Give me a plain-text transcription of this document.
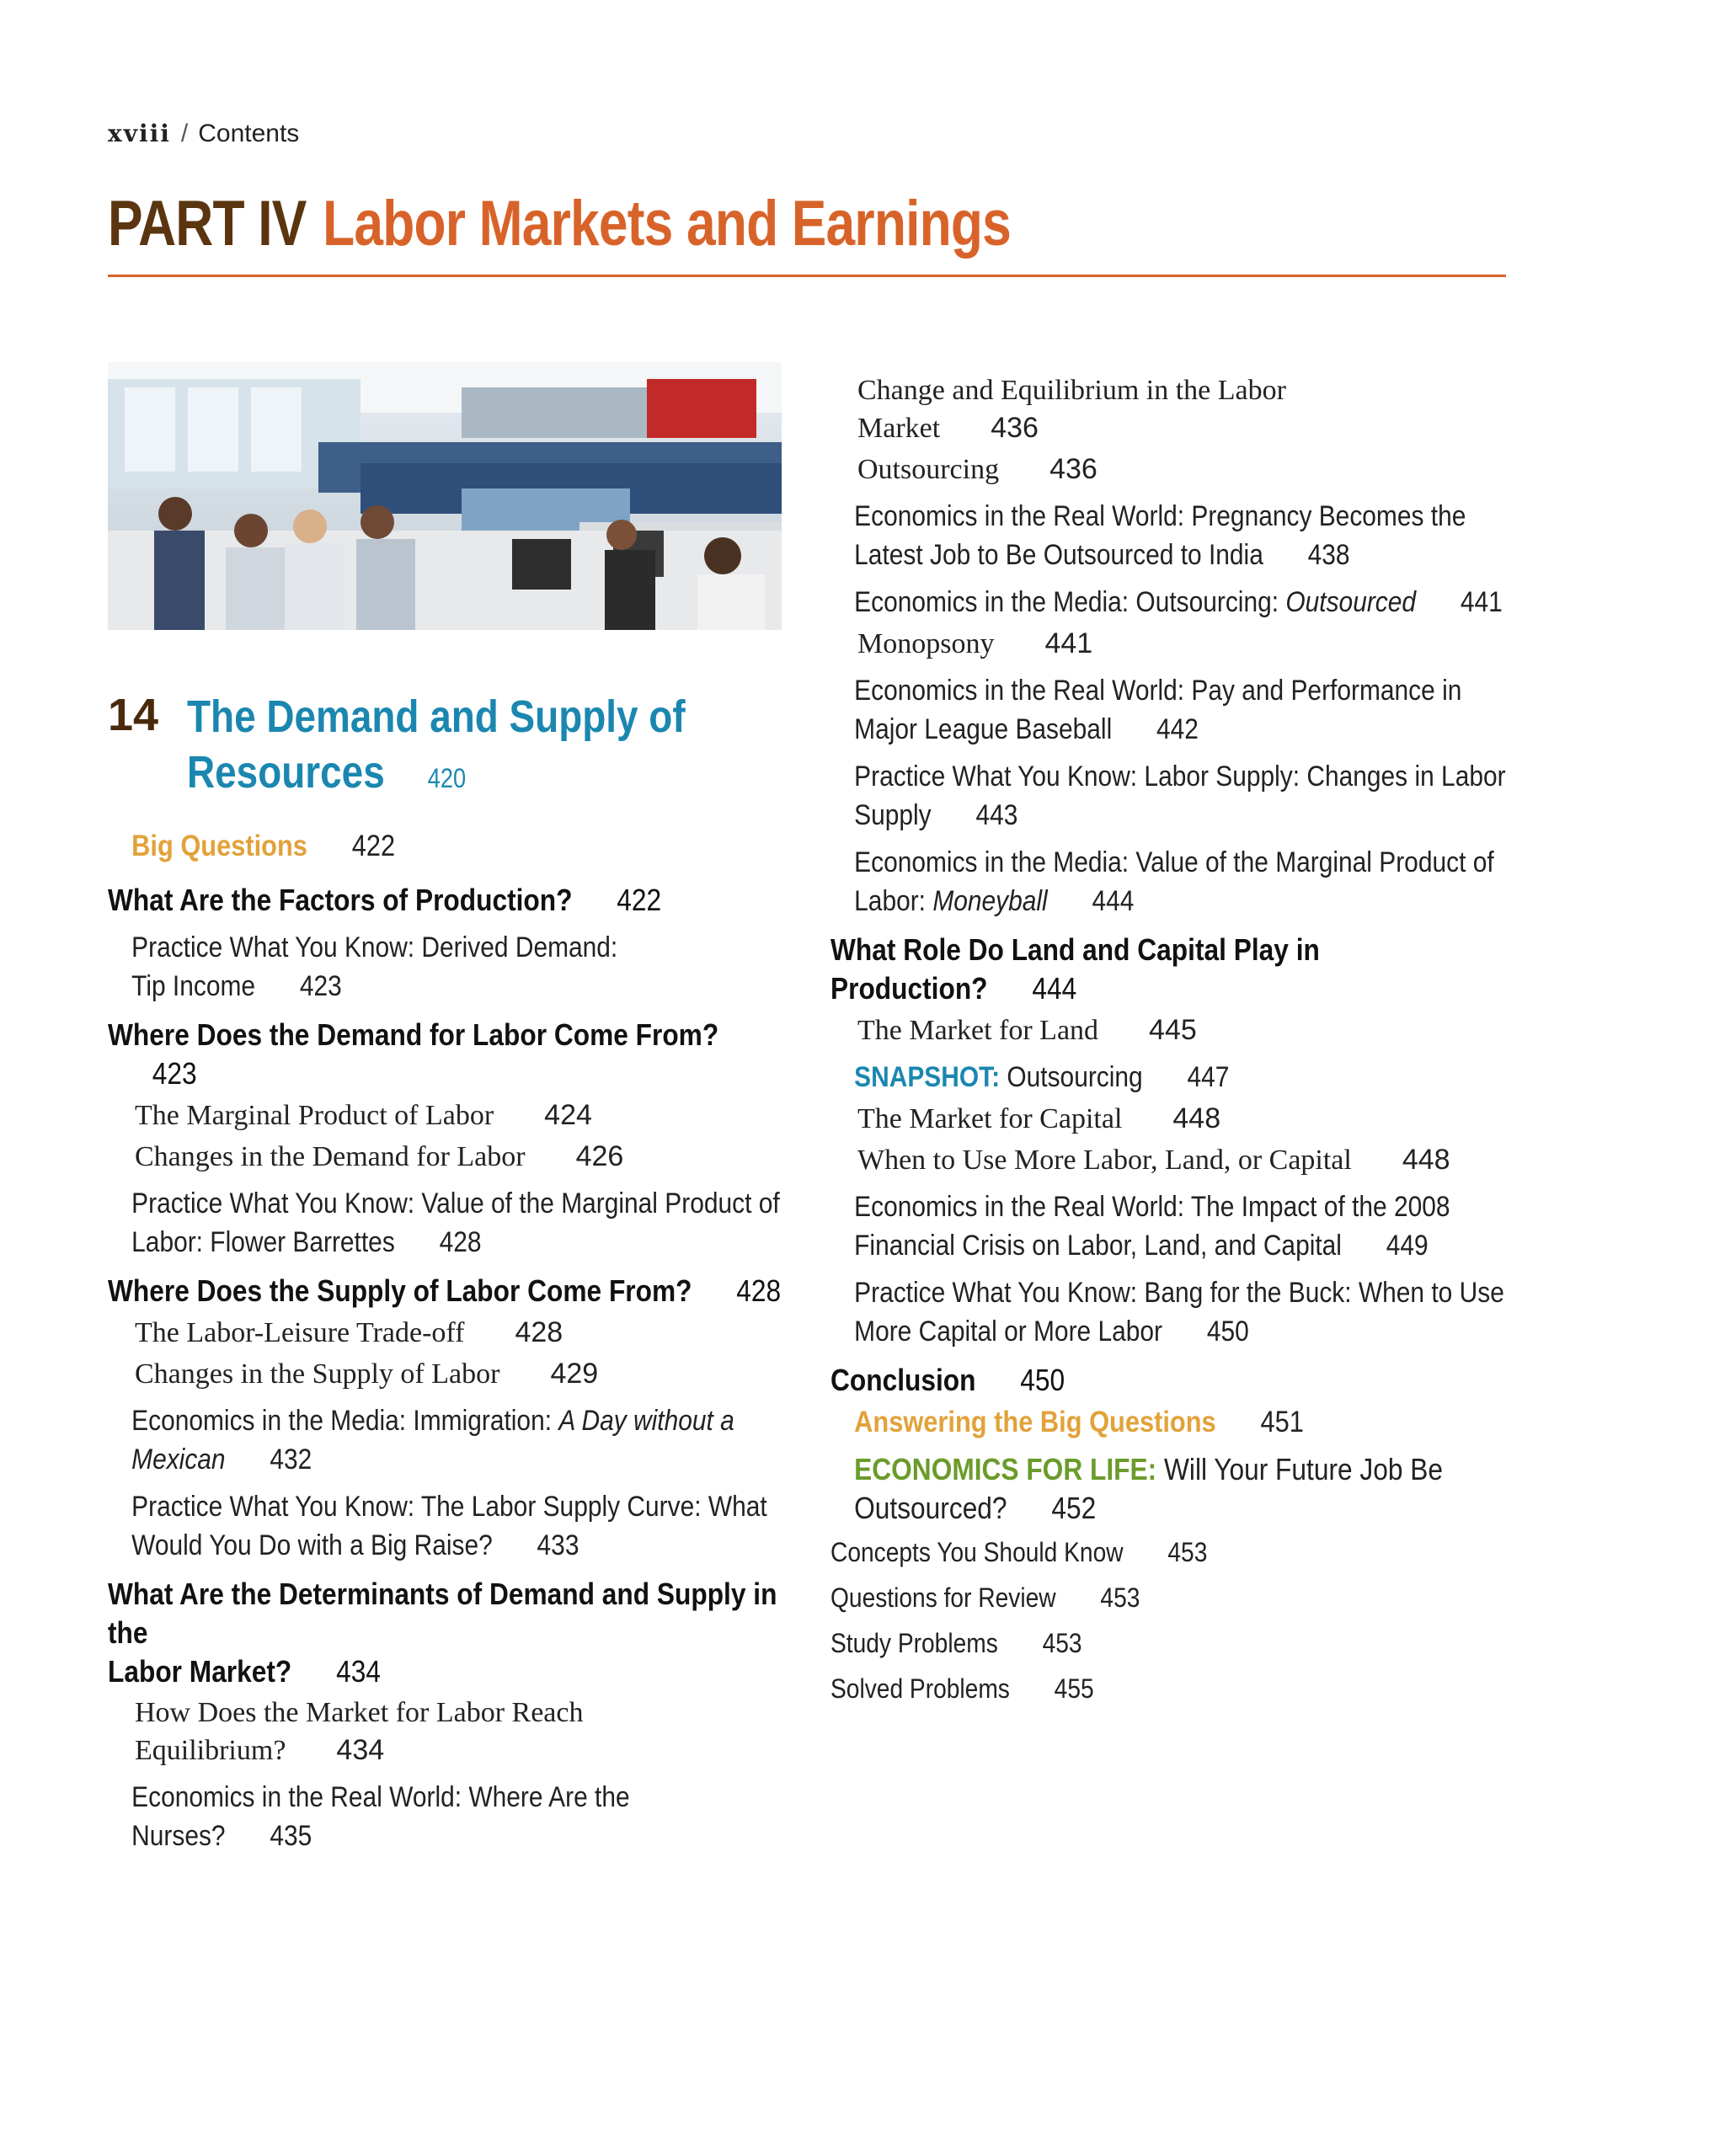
xviii / Contents
PART IV Labor Markets and Earnings
14 The Demand and Supply of
Resources 420
Big Questions 422
What Are the Factors of Production? 422
Practice What You Know: Derived Demand:
Tip Income 423
Where Does the Demand for Labor Come From?423
The Marginal Product of Labor 424
Changes in the Demand for Labor 426
Practice What You Know: Value of the Marginal Product of
Labor: Flower Barrettes 428
Where Does the Supply of Labor Come From? 428
The Labor-Leisure Trade-off 428
Changes in the Supply of Labor 429
Economics in the Media: Immigration: A Day without a
Mexican 432
Practice What You Know: The Labor Supply Curve: What
Would You Do with a Big Raise? 433
What Are the Determinants of Demand and Supply in the
Labor Market? 434
How Does the Market for Labor Reach
Equilibrium? 434
Economics in the Real World: Where Are the
Nurses? 435
Change and Equilibrium in the Labor
Market 436
Outsourcing 436
Economics in the Real World: Pregnancy Becomes the
Latest Job to Be Outsourced to India 438
Economics in the Media: Outsourcing: Outsourced 441
Monopsony 441
Economics in the Real World: Pay and Performance in
Major League Baseball 442
Practice What You Know: Labor Supply: Changes in Labor
Supply 443
Economics in the Media: Value of the Marginal Product of
Labor: Moneyball 444
What Role Do Land and Capital Play in
Production? 444
The Market for Land 445
SNAPSHOT: Outsourcing 447
The Market for Capital 448
When to Use More Labor, Land, or Capital 448
Economics in the Real World: The Impact of the 2008
Financial Crisis on Labor, Land, and Capital 449
Practice What You Know: Bang for the Buck: When to Use
More Capital or More Labor 450
Conclusion 450
Answering the Big Questions 451
ECONOMICS FOR LIFE: Will Your Future Job Be
Outsourced? 452
Concepts You Should Know 453
Questions for Review 453
Study Problems 453
Solved Problems 455
